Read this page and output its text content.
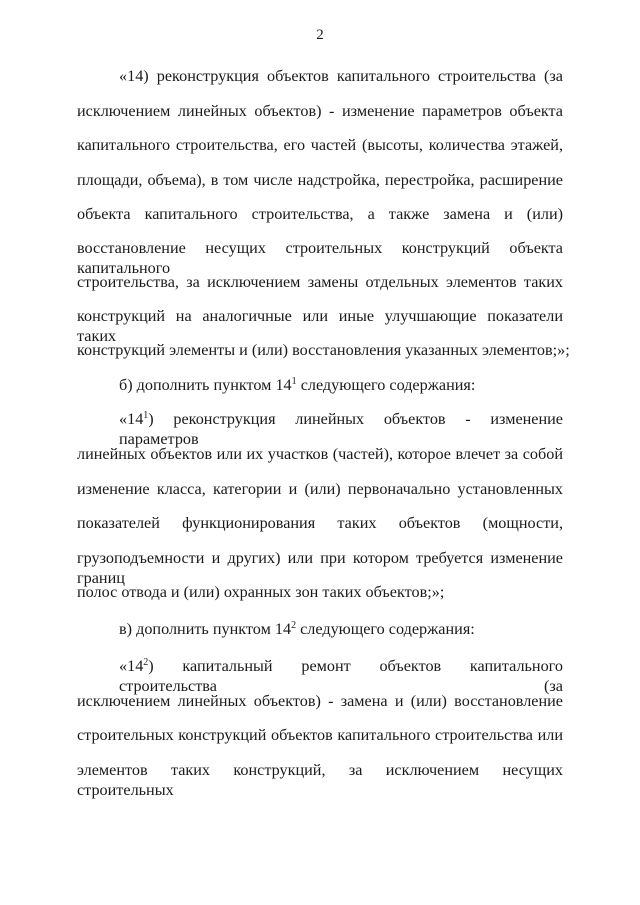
2
«14) реконструкция объектов капитального строительства (за
исключением линейных объектов) - изменение параметров объекта
капитального строительства, его частей (высоты, количества этажей,
площади, объема), в том числе надстройка, перестройка, расширение
объекта капитального строительства, а также замена и (или)
восстановление несущих строительных конструкций объекта капитального
строительства, за исключением замены отдельных элементов таких
конструкций на аналогичные или иные улучшающие показатели таких
конструкций элементы и (или) восстановления указанных элементов;»;
б) дополнить пунктом $14^1$ следующего содержания:
«$14^1$) реконструкция линейных объектов - изменение параметров
линейных объектов или их участков (частей), которое влечет за собой
изменение класса, категории и (или) первоначально установленных
показателей функционирования таких объектов (мощности,
грузоподъемности и других) или при котором требуется изменение границ
полос отвода и (или) охранных зон таких объектов;»;
в) дополнить пунктом $14^2$ следующего содержания:
«$14^2$) капитальный ремонт объектов капитального строительства (за
исключением линейных объектов) - замена и (или) восстановление
строительных конструкций объектов капитального строительства или
элементов таких конструкций, за исключением несущих строительных
